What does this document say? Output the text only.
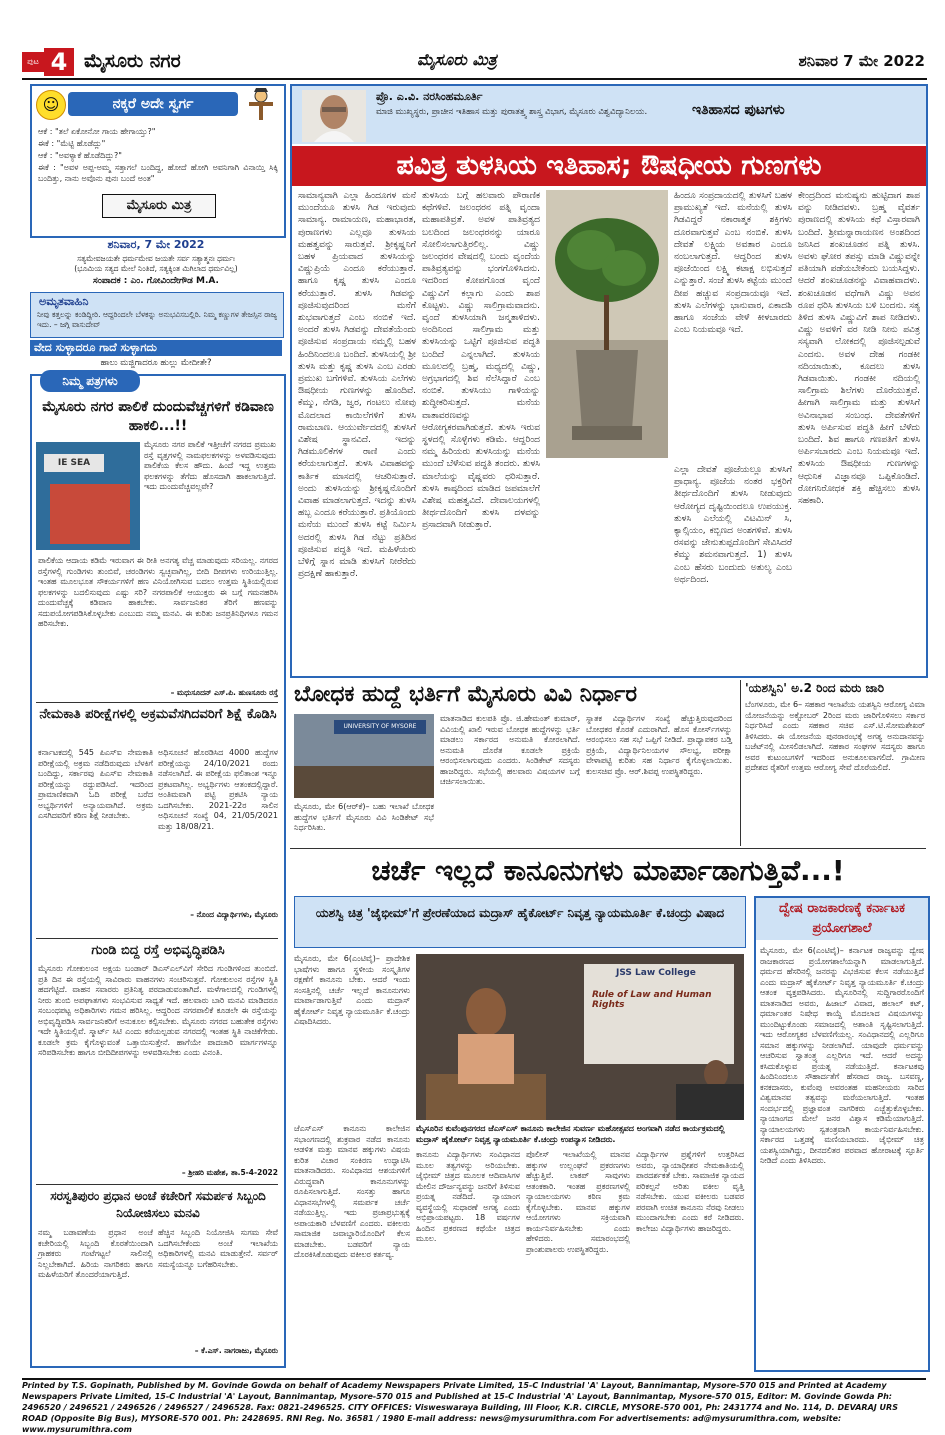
ಪುಟ 4 ಮೈಸೂರು ನಗರ	ಮೈಸೂರು ಮಿತ್ರ	ಶನಿವಾರ 7 ಮೇ 2022
☺	ನಕ್ಕರೆ ಅದೇ ಸ್ವರ್ಗ
ಆಕೆ : "ತಲೆ ಏಕೋನೋ ಗಾಯ ಹೇಗಾಯ್ತು?"
ಈಕೆ : "ಮೆಟ್ಟಿ ಹೊಡೆದ್ಲು"
ಆಕೆ : "ಅವಳ್ಯಾಕೆ ಹೊಡೆದಿದ್ಲು?"
ಈಕೆ : "ಅವಳ ಅಪ್ಪ-ಅಮ್ಮ ಸತ್ತಾಗಲೆ ಬಂದಿದ್ದ, ಹೋದೆ ಹೋಗಿ ಅವನಿಗಾಗಿ ವಿನಾಯ್ತಿ ಸಿಕ್ಕಿ ಬಂದಿತ್ತು, ನಾನು ಅವೊನು ಪುನಃ ಬಂದೆ ಅಂತ"
ಮೈಸೂರು ಮಿತ್ರ
ಶನಿವಾರ, 7 ಮೇ 2022
ಸತ್ಯಮೇವಜಯತೇ ಧರ್ಮಮೇವ ಜಯತೇ ಸರ್ವ ಸತ್ಯಾತ್ಮನಃ ಧರ್ಮಃ
(ಭೂಮಿಯ ಸತ್ಯದ ಮೇಲೆ ನಿಂತಿದೆ, ಸತ್ಯಕ್ಕಿಂತ ಮಿಗಿಲಾದ ಧರ್ಮವಿಲ್ಲ)
ಸಂಪಾದಕ : ಎಂ. ಗೋವಿಂದೇಗೌಡ M.A.
ಅಮೃತವಾಹಿನಿ
ನೀವು ಕತ್ತಲನ್ನು ಕಂಡಿದ್ದೀರಿ. ಆದ್ದರಿಂದಲೇ ಬೆಳಕನ್ನು ಅನುಭವಿಸಬಲ್ಲಿರಿ. ನಿಮ್ಮ ಕಣ್ಣುಗಳ ತೇಜಸ್ಸಿನ ರಾಜ್ಯ ಇದು. – ಜಗ್ಗಿ ವಾಸುದೇವ್
ವೇದ ಸುಳ್ಳಾದರೂ ಗಾದೆ ಸುಳ್ಳಾಗದು
ಹಾಲು ಮಜ್ಜಿಗಾದರೂ ಹುಲ್ಲು ಮೇದೀತೇ?
ನಿಮ್ಮ ಪತ್ರಗಳು
ಮೈಸೂರು ನಗರ ಪಾಲಿಕೆ ದುಂದುವೆಚ್ಚಗಳಿಗೆ ಕಡಿವಾಣ ಹಾಕಲಿ...!!
IE SEA
ಮೈಸೂರು ನಗರ ಪಾಲಿಕೆ ಇತ್ತೀಚೆಗೆ ನಗರದ ಪ್ರಮುಖ ರಸ್ತೆ ವೃತ್ತಗಳಲ್ಲಿ ನಾಮಫಲಕಗಳನ್ನು ಅಳವಡಿಸುವುದು ಪಾಲಿಕೆಯ ಕೆಲಸ ಹೌದು. ಹಿಂದೆ ಇದ್ದ ಉತ್ತಮ ಫಲಕಗಳನ್ನು ತೆಗೆದು ಹೊಸದಾಗಿ ಹಾಕಲಾಗುತ್ತಿದೆ. ಇದು ದುಂದುವೆಚ್ಚವಲ್ಲವೇ?
ಪಾಲಿಕೆಯ ಆದಾಯ ಕಡಿಮೆ ಇರುವಾಗ ಈ ರೀತಿ ಅನಗತ್ಯ ವೆಚ್ಚ ಮಾಡುವುದು ಸರಿಯಲ್ಲ. ನಗರದ ರಸ್ತೆಗಳಲ್ಲಿ ಗುಂಡಿಗಳು ತುಂಬಿವೆ, ಚರಂಡಿಗಳು ಸ್ವಚ್ಛವಾಗಿಲ್ಲ, ಬೀದಿ ದೀಪಗಳು ಉರಿಯುತ್ತಿಲ್ಲ. ಇಂತಹ ಮೂಲಭೂತ ಸೌಕರ್ಯಗಳಿಗೆ ಹಣ ವಿನಿಯೋಗಿಸುವ ಬದಲು ಉತ್ತಮ ಸ್ಥಿತಿಯಲ್ಲಿರುವ ಫಲಕಗಳನ್ನು ಬದಲಿಸುವುದು ಎಷ್ಟು ಸರಿ? ನಗರಪಾಲಿಕೆ ಆಯುಕ್ತರು ಈ ಬಗ್ಗೆ ಗಮನಹರಿಸಿ ದುಂದುವೆಚ್ಚಕ್ಕೆ ಕಡಿವಾಣ ಹಾಕಬೇಕು. ಸಾರ್ವಜನಿಕರ ತೆರಿಗೆ ಹಣವನ್ನು ಸದುಪಯೋಗಪಡಿಸಿಕೊಳ್ಳಬೇಕು ಎಂಬುದು ನಮ್ಮ ಮನವಿ. ಈ ಕುರಿತು ಜನಪ್ರತಿನಿಧಿಗಳೂ ಗಮನ ಹರಿಸಬೇಕು.
– ಮಧುಸೂದನ್ ಎಸ್.ಪಿ. ಹುಣಸೂರು ರಸ್ತೆ
ನೇಮಕಾತಿ ಪರೀಕ್ಷೆಗಳಲ್ಲಿ ಅಕ್ರಮವೆಸಗಿದವರಿಗೆ ಶಿಕ್ಷೆ ಕೊಡಿಸಿ
ಕರ್ನಾಟಕದಲ್ಲಿ 545 ಪಿಎಸ್‌ಐ ನೇಮಕಾತಿ ಪರೀಕ್ಷೆಯಲ್ಲಿ ಅಕ್ರಮ ನಡೆದಿರುವುದು ಬೆಳಕಿಗೆ ಬಂದಿದ್ದು, ಸರ್ಕಾರವು ಪಿಎಸ್‌ಐ ನೇಮಕಾತಿ ಪರೀಕ್ಷೆಯನ್ನು ರದ್ದುಪಡಿಸಿದೆ. ಇದರಿಂದ ಪ್ರಾಮಾಣಿಕವಾಗಿ ಓದಿ ಪರೀಕ್ಷೆ ಬರೆದ ಅಭ್ಯರ್ಥಿಗಳಿಗೆ ಅನ್ಯಾಯವಾಗಿದೆ. ಅಕ್ರಮ ಎಸಗಿದವರಿಗೆ ಕಠಿಣ ಶಿಕ್ಷೆ ನೀಡಬೇಕು.
ಅಧಿಸೂಚನೆ ಹೊರಡಿಸಿದ 4000 ಹುದ್ದೆಗಳ ಪರೀಕ್ಷೆಯನ್ನು 24/10/2021 ರಂದು ನಡೆಸಲಾಗಿದೆ. ಈ ಪರೀಕ್ಷೆಯ ಫಲಿತಾಂಶ ಇನ್ನೂ ಪ್ರಕಟವಾಗಿಲ್ಲ. ಅಭ್ಯರ್ಥಿಗಳು ಆತಂಕದಲ್ಲಿದ್ದಾರೆ. ಅಂತಿಮವಾಗಿ ಪಟ್ಟಿ ಪ್ರಕಟಿಸಿ ನ್ಯಾಯ ಒದಗಿಸಬೇಕು. 2021-22ರ ಸಾಲಿನ ಅಧಿಸೂಚನೆ ಸಂಖ್ಯೆ 04, 21/05/2021 ಮತ್ತು 18/08/21.
– ನೊಂದ ವಿದ್ಯಾರ್ಥಿಗಳು, ಮೈಸೂರು
ಗುಂಡಿ ಬಿದ್ದ ರಸ್ತೆ ಅಭಿವೃದ್ಧಿಪಡಿಸಿ
ಮೈಸೂರು ಗೋಕುಲಂನ ಅಕ್ಷಯ ಬಂಡಾರ್ ಡಿಎಸ್‌ಎಲ್‌ವಿಗೆ ಸೇರಿದ ಗುಂಡಿಗಳಿಂದ ತುಂಬಿದೆ. ಪ್ರತಿ ದಿನ ಈ ರಸ್ತೆಯಲ್ಲಿ ಸಾವಿರಾರು ವಾಹನಗಳು ಸಂಚರಿಸುತ್ತವೆ. ಗೋಕುಲಂನ ರಸ್ತೆಗಳ ಸ್ಥಿತಿ ಹದಗೆಟ್ಟಿದೆ. ವಾಹನ ಸವಾರರು ಪ್ರತಿನಿತ್ಯ ಪರದಾಡುವಂತಾಗಿದೆ. ಮಳೆಗಾಲದಲ್ಲಿ ಗುಂಡಿಗಳಲ್ಲಿ ನೀರು ತುಂಬಿ ಅಪಘಾತಗಳು ಸಂಭವಿಸುವ ಸಾಧ್ಯತೆ ಇದೆ. ಹಲವಾರು ಬಾರಿ ಮನವಿ ಮಾಡಿದರೂ ಸಂಬಂಧಪಟ್ಟ ಅಧಿಕಾರಿಗಳು ಗಮನ ಹರಿಸಿಲ್ಲ. ಆದ್ದರಿಂದ ನಗರಪಾಲಿಕೆ ಕೂಡಲೇ ಈ ರಸ್ತೆಯನ್ನು ಅಭಿವೃದ್ಧಿಪಡಿಸಿ ಸಾರ್ವಜನಿಕರಿಗೆ ಅನುಕೂಲ ಕಲ್ಪಿಸಬೇಕು. ಮೈಸೂರು ನಗರದ ಬಹುತೇಕ ರಸ್ತೆಗಳು ಇದೇ ಸ್ಥಿತಿಯಲ್ಲಿವೆ. ಸ್ಮಾರ್ಟ್ ಸಿಟಿ ಎಂದು ಕರೆಯಲ್ಪಡುವ ನಗರದಲ್ಲಿ ಇಂತಹ ಸ್ಥಿತಿ ನಾಚಿಕೆಗೇಡು. ಕೂಡಲೇ ಕ್ರಮ ಕೈಗೊಳ್ಳುವಂತೆ ಒತ್ತಾಯಿಸುತ್ತೇನೆ. ಹಾಗೆಯೇ ಪಾದಚಾರಿ ಮಾರ್ಗಗಳನ್ನೂ ಸರಿಪಡಿಸಬೇಕು ಹಾಗೂ ಬೀದಿದೀಪಗಳನ್ನು ಅಳವಡಿಸಬೇಕು ಎಂದು ವಿನಂತಿ.
– ಶ್ರೀಹರಿ ಮಹೇಶ, ತಾ.5-4-2022
ಸರಸ್ವತಿಪುರಂ ಪ್ರಧಾನ ಅಂಚೆ ಕಚೇರಿಗೆ ಸಮರ್ಪಕ ಸಿಬ್ಬಂದಿ ನಿಯೋಜಿಸಲು ಮನವಿ
ನಮ್ಮ ಬಡಾವಣೆಯ ಪ್ರಧಾನ ಅಂಚೆ ಕಚೇರಿಯಲ್ಲಿ ಸಿಬ್ಬಂದಿ ಕೊರತೆಯಿಂದಾಗಿ ಗ್ರಾಹಕರು ಗಂಟೆಗಟ್ಟಲೆ ಸಾಲಿನಲ್ಲಿ ನಿಲ್ಲಬೇಕಾಗಿದೆ. ಹಿರಿಯ ನಾಗರಿಕರು ಹಾಗೂ ಮಹಿಳೆಯರಿಗೆ ತೊಂದರೆಯಾಗುತ್ತಿದೆ.
ಹೆಚ್ಚಿನ ಸಿಬ್ಬಂದಿ ನಿಯೋಜಿಸಿ ಸುಗಮ ಸೇವೆ ಒದಗಿಸಬೇಕೆಂದು ಅಂಚೆ ಇಲಾಖೆಯ ಅಧಿಕಾರಿಗಳಲ್ಲಿ ಮನವಿ ಮಾಡುತ್ತೇನೆ. ಸರ್ವರ್ ಸಮಸ್ಯೆಯನ್ನೂ ಬಗೆಹರಿಸಬೇಕು.
– ಕೆ.ಎಸ್. ನಾಗರಾಜು, ಮೈಸೂರು
ಪ್ರೊ. ಎ.ವಿ. ನರಸಿಂಹಮೂರ್ತಿ
ಮಾಜಿ ಮುಖ್ಯಸ್ಥರು, ಪ್ರಾಚೀನ ಇತಿಹಾಸ ಮತ್ತು ಪುರಾತತ್ತ್ವ ಶಾಸ್ತ್ರ ವಿಭಾಗ, ಮೈಸೂರು ವಿಶ್ವವಿದ್ಯಾನಿಲಯ.	ಇತಿಹಾಸದ ಪುಟಗಳು
ಪವಿತ್ರ ತುಳಸಿಯ ಇತಿಹಾಸ; ಔಷಧೀಯ ಗುಣಗಳು
ಸಾಮಾನ್ಯವಾಗಿ ಎಲ್ಲಾ ಹಿಂದೂಗಳ ಮನೆ ಮುಂದೆಯೂ ತುಳಸಿ ಗಿಡ ಇರುವುದು ಸಾಮಾನ್ಯ. ರಾಮಾಯಣ, ಮಹಾಭಾರತ, ಪುರಾಣಗಳು ಎಲ್ಲವೂ ತುಳಸಿಯ ಮಹತ್ವವನ್ನು ಸಾರುತ್ತವೆ. ಶ್ರೀಕೃಷ್ಣನಿಗೆ ಬಹಳ ಪ್ರಿಯವಾದ ತುಳಸಿಯನ್ನು ವಿಷ್ಣುಪ್ರಿಯೆ ಎಂದೂ ಕರೆಯುತ್ತಾರೆ. ಹಾಗೂ ಕೃಷ್ಣ ತುಳಸಿ ಎಂದೂ ಕರೆಯುತ್ತಾರೆ. ತುಳಸಿ ಗಿಡವನ್ನು ಪೂಜಿಸುವುದರಿಂದ ಮನೆಗೆ ಶುಭವಾಗುತ್ತದೆ ಎಂಬ ನಂಬಿಕೆ ಇದೆ. ಅಂದರೆ ತುಳಸಿ ಗಿಡವನ್ನು ದೇವತೆಯೆಂದು ಪೂಜಿಸುವ ಸಂಪ್ರದಾಯ ನಮ್ಮಲ್ಲಿ ಬಹಳ ಹಿಂದಿನಿಂದಲೂ ಬಂದಿದೆ. ತುಳಸಿಯಲ್ಲಿ ಶ್ರೀ ತುಳಸಿ ಮತ್ತು ಕೃಷ್ಣ ತುಳಸಿ ಎಂಬ ಎರಡು ಪ್ರಮುಖ ಬಗೆಗಳಿವೆ. ತುಳಸಿಯ ಎಲೆಗಳು ಔಷಧೀಯ ಗುಣಗಳನ್ನು ಹೊಂದಿವೆ. ಕೆಮ್ಮು, ನೆಗಡಿ, ಜ್ವರ, ಗಂಟಲು ನೋವು ಮೊದಲಾದ ಕಾಯಿಲೆಗಳಿಗೆ ತುಳಸಿ ರಾಮಬಾಣ. ಆಯುರ್ವೇದದಲ್ಲಿ ತುಳಸಿಗೆ ವಿಶೇಷ ಸ್ಥಾನವಿದೆ. ಇದನ್ನು ಗಿಡಮೂಲಿಕೆಗಳ ರಾಣಿ ಎಂದು ಕರೆಯಲಾಗುತ್ತದೆ. ತುಳಸಿ ವಿವಾಹವನ್ನು ಕಾರ್ತಿಕ ಮಾಸದಲ್ಲಿ ಆಚರಿಸುತ್ತಾರೆ. ಅಂದು ತುಳಸಿಯನ್ನು ಶ್ರೀಕೃಷ್ಣನೊಂದಿಗೆ ವಿವಾಹ ಮಾಡಲಾಗುತ್ತದೆ. ಇದನ್ನು ತುಳಸಿ ಹಬ್ಬ ಎಂದೂ ಕರೆಯುತ್ತಾರೆ. ಪ್ರತಿಯೊಂದು ಮನೆಯ ಮುಂದೆ ತುಳಸಿ ಕಟ್ಟೆ ನಿರ್ಮಿಸಿ ಅದರಲ್ಲಿ ತುಳಸಿ ಗಿಡ ನೆಟ್ಟು ಪ್ರತಿದಿನ ಪೂಜಿಸುವ ಪದ್ಧತಿ ಇದೆ. ಮಹಿಳೆಯರು ಬೆಳಿಗ್ಗೆ ಸ್ನಾನ ಮಾಡಿ ತುಳಸಿಗೆ ನೀರೆರೆದು ಪ್ರದಕ್ಷಿಣೆ ಹಾಕುತ್ತಾರೆ.
ತುಳಸಿಯ ಬಗ್ಗೆ ಹಲವಾರು ಪೌರಾಣಿಕ ಕಥೆಗಳಿವೆ. ಜಲಂಧರನ ಪತ್ನಿ ವೃಂದಾ ಮಹಾಪತಿವ್ರತೆ. ಅವಳ ಪಾತಿವ್ರತ್ಯದ ಬಲದಿಂದ ಜಲಂಧರನನ್ನು ಯಾರೂ ಸೋಲಿಸಲಾಗುತ್ತಿರಲಿಲ್ಲ. ವಿಷ್ಣು ಜಲಂಧರನ ವೇಷದಲ್ಲಿ ಬಂದು ವೃಂದೆಯ ಪಾತಿವ್ರತ್ಯವನ್ನು ಭಂಗಗೊಳಿಸಿದನು. ಇದರಿಂದ ಕೋಪಗೊಂಡ ವೃಂದೆ ವಿಷ್ಣುವಿಗೆ ಕಲ್ಲಾಗು ಎಂದು ಶಾಪ ಕೊಟ್ಟಳು. ವಿಷ್ಣು ಸಾಲಿಗ್ರಾಮವಾದನು. ವೃಂದೆ ತುಳಸಿಯಾಗಿ ಜನ್ಮತಾಳಿದಳು. ಅಂದಿನಿಂದ ಸಾಲಿಗ್ರಾಮ ಮತ್ತು ತುಳಸಿಯನ್ನು ಒಟ್ಟಿಗೆ ಪೂಜಿಸುವ ಪದ್ಧತಿ ಬಂದಿದೆ ಎನ್ನಲಾಗಿದೆ. ತುಳಸಿಯ ಮೂಲದಲ್ಲಿ ಬ್ರಹ್ಮ, ಮಧ್ಯದಲ್ಲಿ ವಿಷ್ಣು, ಅಗ್ರಭಾಗದಲ್ಲಿ ಶಿವ ನೆಲೆಸಿದ್ದಾರೆ ಎಂಬ ನಂಬಿಕೆ. ತುಳಸಿಯು ಗಾಳಿಯನ್ನು ಶುದ್ಧೀಕರಿಸುತ್ತದೆ. ಮನೆಯ ವಾತಾವರಣವನ್ನು ಆರೋಗ್ಯಕರವಾಗಿಡುತ್ತದೆ. ತುಳಸಿ ಇರುವ ಸ್ಥಳದಲ್ಲಿ ಸೊಳ್ಳೆಗಳು ಕಡಿಮೆ. ಆದ್ದರಿಂದ ನಮ್ಮ ಹಿರಿಯರು ತುಳಸಿಯನ್ನು ಮನೆಯ ಮುಂದೆ ಬೆಳೆಸುವ ಪದ್ಧತಿ ತಂದರು. ತುಳಸಿ ಮಾಲೆಯನ್ನು ವೈಷ್ಣವರು ಧರಿಸುತ್ತಾರೆ. ತುಳಸಿ ಕಾಷ್ಠದಿಂದ ಮಾಡಿದ ಜಪಮಾಲೆಗೆ ವಿಶೇಷ ಮಹತ್ವವಿದೆ. ದೇವಾಲಯಗಳಲ್ಲಿ ತೀರ್ಥದೊಂದಿಗೆ ತುಳಸಿ ದಳವನ್ನು ಪ್ರಸಾದವಾಗಿ ನೀಡುತ್ತಾರೆ.
ಹಿಂದೂ ಸಂಪ್ರದಾಯದಲ್ಲಿ ತುಳಸಿಗೆ ಬಹಳ ಪ್ರಾಮುಖ್ಯತೆ ಇದೆ. ಮನೆಯಲ್ಲಿ ತುಳಸಿ ಗಿಡವಿದ್ದರೆ ನಕಾರಾತ್ಮಕ ಶಕ್ತಿಗಳು ದೂರವಾಗುತ್ತವೆ ಎಂಬ ನಂಬಿಕೆ. ತುಳಸಿ ದೇವತೆ ಲಕ್ಷ್ಮಿಯ ಅವತಾರ ಎಂದೂ ನಂಬಲಾಗುತ್ತದೆ. ಆದ್ದರಿಂದ ತುಳಸಿ ಪೂಜೆಯಿಂದ ಲಕ್ಷ್ಮಿ ಕಟಾಕ್ಷ ಲಭಿಸುತ್ತದೆ ಎನ್ನುತ್ತಾರೆ. ಸಂಜೆ ತುಳಸಿ ಕಟ್ಟೆಯ ಮುಂದೆ ದೀಪ ಹಚ್ಚುವ ಸಂಪ್ರದಾಯವೂ ಇದೆ. ತುಳಸಿ ಎಲೆಗಳನ್ನು ಭಾನುವಾರ, ಏಕಾದಶಿ ಹಾಗೂ ಸಂಜೆಯ ವೇಳೆ ಕೀಳಬಾರದು ಎಂಬ ನಿಯಮವೂ ಇದೆ.
ಕೇಂದ್ರದಿಂದ ಮನುಷ್ಯನು ಹುಟ್ಟಿದಾಗ ಶಾಪ ವನ್ನು ನೀಡಿದವಳು. ಬ್ರಹ್ಮ ವೈವರ್ತ ಪುರಾಣದಲ್ಲಿ ತುಳಸಿಯ ಕಥೆ ವಿಸ್ತಾರವಾಗಿ ಬಂದಿದೆ. ಶ್ರೀಮನ್ನಾರಾಯಣನ ಅಂಶದಿಂದ ಜನಿಸಿದ ಶಂಖಚೂಡನ ಪತ್ನಿ ತುಳಸಿ. ಅವಳು ಘೋರ ತಪಸ್ಸು ಮಾಡಿ ವಿಷ್ಣುವನ್ನೇ ಪತಿಯಾಗಿ ಪಡೆಯಬೇಕೆಂದು ಬಯಸಿದ್ದಳು. ಆದರೆ ಶಂಖಚೂಡನನ್ನು ವಿವಾಹವಾದಳು. ಶಂಖಚೂಡನ ವಧೆಗಾಗಿ ವಿಷ್ಣು ಅವನ ರೂಪ ಧರಿಸಿ ತುಳಸಿಯ ಬಳಿ ಬಂದನು. ಸತ್ಯ ತಿಳಿದ ತುಳಸಿ ವಿಷ್ಣುವಿಗೆ ಶಾಪ ನೀಡಿದಳು. ವಿಷ್ಣು ಅವಳಿಗೆ ವರ ನೀಡಿ ನೀನು ಪವಿತ್ರ ಸಸ್ಯವಾಗಿ ಲೋಕದಲ್ಲಿ ಪೂಜಿಸಲ್ಪಡುವೆ ಎಂದನು. ಅವಳ ದೇಹ ಗಂಡಕೀ ನದಿಯಾಯಿತು, ಕೂದಲು ತುಳಸಿ ಗಿಡವಾಯಿತು. ಗಂಡಕೀ ನದಿಯಲ್ಲಿ ಸಾಲಿಗ್ರಾಮ ಶಿಲೆಗಳು ದೊರೆಯುತ್ತವೆ. ಹೀಗಾಗಿ ಸಾಲಿಗ್ರಾಮ ಮತ್ತು ತುಳಸಿಗೆ ಅವಿನಾಭಾವ ಸಂಬಂಧ. ದೇವತೆಗಳಿಗೆ ತುಳಸಿ ಅರ್ಪಿಸುವ ಪದ್ಧತಿ ಹೀಗೆ ಬೆಳೆದು ಬಂದಿದೆ. ಶಿವ ಹಾಗೂ ಗಣಪತಿಗೆ ತುಳಸಿ ಅರ್ಪಿಸಬಾರದು ಎಂಬ ನಿಯಮವೂ ಇದೆ. ತುಳಸಿಯ ಔಷಧೀಯ ಗುಣಗಳನ್ನು ಆಧುನಿಕ ವಿಜ್ಞಾನವೂ ಒಪ್ಪಿಕೊಂಡಿದೆ. ರೋಗನಿರೋಧಕ ಶಕ್ತಿ ಹೆಚ್ಚಿಸಲು ತುಳಸಿ ಸಹಕಾರಿ.
ಎಲ್ಲಾ ದೇವತೆ ಪೂಜೆಯಲ್ಲೂ ತುಳಸಿಗೆ ಪ್ರಾಧಾನ್ಯ. ಪೂಜೆಯ ನಂತರ ಭಕ್ತರಿಗೆ ತೀರ್ಥದೊಂದಿಗೆ ತುಳಸಿ ನೀಡುವುದು ಆರೋಗ್ಯದ ದೃಷ್ಟಿಯಿಂದಲೂ ಉಪಯುಕ್ತ. ತುಳಸಿ ಎಲೆಯಲ್ಲಿ ವಿಟಮಿನ್ ಸಿ, ಕ್ಯಾಲ್ಸಿಯಂ, ಕಬ್ಬಿಣದ ಅಂಶಗಳಿವೆ. ತುಳಸಿ ರಸವನ್ನು ಜೇನುತುಪ್ಪದೊಂದಿಗೆ ಸೇವಿಸಿದರೆ ಕೆಮ್ಮು ಶಮನವಾಗುತ್ತದೆ. 1) ತುಳಸಿ ಎಂಬ ಹೆಸರು ಬಂದುದು ಅತುಲ್ಯ ಎಂಬ ಅರ್ಥದಿಂದ.
ಬೋಧಕ ಹುದ್ದೆ ಭರ್ತಿಗೆ ಮೈಸೂರು ವಿವಿ ನಿರ್ಧಾರ
UNIVERSITY OF MYSORE
ಮೈಸೂರು, ಮೇ 6(ಆರ್‌ಕೆ)– ಬಹು ಇಲಾಖೆ ಬೋಧಕ ಹುದ್ದೆಗಳ ಭರ್ತಿಗೆ ಮೈಸೂರು ವಿವಿ ಸಿಂಡಿಕೇಟ್ ಸಭೆ ನಿರ್ಧರಿಸಿತು.
ಮಾತನಾಡಿದ ಕುಲಪತಿ ಪ್ರೊ. ಜಿ.ಹೇಮಂತ್ ಕುಮಾರ್, ವಿವಿಯಲ್ಲಿ ಖಾಲಿ ಇರುವ ಬೋಧಕ ಹುದ್ದೆಗಳನ್ನು ಭರ್ತಿ ಮಾಡಲು ಸರ್ಕಾರದ ಅನುಮತಿ ಕೋರಲಾಗಿದೆ. ಅನುಮತಿ ದೊರೆತ ಕೂಡಲೇ ಪ್ರಕ್ರಿಯೆ ಆರಂಭಿಸಲಾಗುವುದು ಎಂದರು. ಸಿಂಡಿಕೇಟ್ ಸದಸ್ಯರು ಹಾಜರಿದ್ದರು. ಸಭೆಯಲ್ಲಿ ಹಲವಾರು ವಿಷಯಗಳ ಬಗ್ಗೆ ಚರ್ಚಿಸಲಾಯಿತು.
ಸ್ನಾತಕ ವಿದ್ಯಾರ್ಥಿಗಳ ಸಂಖ್ಯೆ ಹೆಚ್ಚುತ್ತಿರುವುದರಿಂದ ಬೋಧಕರ ಕೊರತೆ ಎದುರಾಗಿದೆ. ಹೊಸ ಕೋರ್ಸ್‌ಗಳನ್ನು ಆರಂಭಿಸಲು ಸಹ ಸಭೆ ಒಪ್ಪಿಗೆ ನೀಡಿದೆ. ಪ್ರಾಧ್ಯಾಪಕರ ಬಡ್ತಿ ಪ್ರಕ್ರಿಯೆ, ವಿದ್ಯಾರ್ಥಿನಿಲಯಗಳ ಸೌಲಭ್ಯ, ಪರೀಕ್ಷಾ ವೇಳಾಪಟ್ಟಿ ಕುರಿತು ಸಹ ನಿರ್ಧಾರ ಕೈಗೊಳ್ಳಲಾಯಿತು. ಕುಲಸಚಿವ ಪ್ರೊ. ಆರ್.ಶಿವಪ್ಪ ಉಪಸ್ಥಿತರಿದ್ದರು.
'ಯಶಸ್ವಿನಿ' ಅ.2 ರಿಂದ ಮರು ಜಾರಿ
ಬೆಂಗಳೂರು, ಮೇ 6– ಸಹಕಾರ ಇಲಾಖೆಯ ಯಶಸ್ವಿನಿ ಆರೋಗ್ಯ ವಿಮಾ ಯೋಜನೆಯನ್ನು ಅಕ್ಟೋಬರ್ 2ರಿಂದ ಮರು ಜಾರಿಗೊಳಿಸಲು ಸರ್ಕಾರ ನಿರ್ಧರಿಸಿದೆ ಎಂದು ಸಹಕಾರ ಸಚಿವ ಎಸ್.ಟಿ.ಸೋಮಶೇಖರ್ ತಿಳಿಸಿದರು. ಈ ಯೋಜನೆಯ ಪುನರಾರಂಭಕ್ಕೆ ಅಗತ್ಯ ಅನುದಾನವನ್ನು ಬಜೆಟ್‌ನಲ್ಲಿ ಮೀಸಲಿಡಲಾಗಿದೆ. ಸಹಕಾರ ಸಂಘಗಳ ಸದಸ್ಯರು ಹಾಗೂ ಅವರ ಕುಟುಂಬಗಳಿಗೆ ಇದರಿಂದ ಅನುಕೂಲವಾಗಲಿದೆ. ಗ್ರಾಮೀಣ ಪ್ರದೇಶದ ರೈತರಿಗೆ ಉತ್ತಮ ಆರೋಗ್ಯ ಸೇವೆ ದೊರೆಯಲಿದೆ.
ಚರ್ಚೆ ಇಲ್ಲದೆ ಕಾನೂನುಗಳು ಮಾರ್ಪಾಡಾಗುತ್ತಿವೆ...!
ಯಶಸ್ವಿ ಚಿತ್ರ 'ಜೈಭೀಮ್'ಗೆ ಪ್ರೇರಣೆಯಾದ ಮದ್ರಾಸ್ ಹೈಕೋರ್ಟ್ ನಿವೃತ್ತ ನ್ಯಾಯಮೂರ್ತಿ ಕೆ.ಚಂದ್ರು ವಿಷಾದ
ಮೈಸೂರು, ಮೇ 6(ಎಂಟಿವೈ)– ಪ್ರಾದೇಶಿಕ ಭಾಷೆಗಳು ಹಾಗೂ ಸ್ಥಳೀಯ ಸಂಸ್ಕೃತಿಗಳ ರಕ್ಷಣೆಗೆ ಕಾನೂನು ಬೇಕು. ಆದರೆ ಇಂದು ಸಂಸತ್ತಿನಲ್ಲಿ ಚರ್ಚೆ ಇಲ್ಲದೆ ಕಾನೂನುಗಳು ಮಾರ್ಪಾಡಾಗುತ್ತಿವೆ ಎಂದು ಮದ್ರಾಸ್ ಹೈಕೋರ್ಟ್ ನಿವೃತ್ತ ನ್ಯಾಯಮೂರ್ತಿ ಕೆ.ಚಂದ್ರು ವಿಷಾದಿಸಿದರು.
JSS Law College
Rule of Law and Human Rights
ಮೈಸೂರಿನ ಕುವೆಂಪುನಗರದ ಜೆಎಸ್‌ಎಸ್ ಕಾನೂನು ಕಾಲೇಜಿನ ಸುವರ್ಣ ಮಹೋತ್ಸವದ ಅಂಗವಾಗಿ ನಡೆದ ಕಾರ್ಯಕ್ರಮದಲ್ಲಿ ಮದ್ರಾಸ್ ಹೈಕೋರ್ಟ್ ನಿವೃತ್ತ ನ್ಯಾಯಮೂರ್ತಿ ಕೆ.ಚಂದ್ರು ಉಪನ್ಯಾಸ ನೀಡಿದರು.
ಜೆಎಸ್‌ಎಸ್ ಕಾನೂನು ಕಾಲೇಜಿನ ಸಭಾಂಗಣದಲ್ಲಿ ಶುಕ್ರವಾರ ನಡೆದ ಕಾನೂನು ಆಡಳಿತ ಮತ್ತು ಮಾನವ ಹಕ್ಕುಗಳು ವಿಷಯ ಕುರಿತ ವಿಚಾರ ಸಂಕಿರಣ ಉದ್ಘಾಟಿಸಿ ಮಾತನಾಡಿದರು. ಸಂವಿಧಾನದ ಆಶಯಗಳಿಗೆ ವಿರುದ್ಧವಾಗಿ ಕಾನೂನುಗಳನ್ನು ರೂಪಿಸಲಾಗುತ್ತಿದೆ. ಸಂಸತ್ತು ಹಾಗೂ ವಿಧಾನಸಭೆಗಳಲ್ಲಿ ಸಮರ್ಪಕ ಚರ್ಚೆ ನಡೆಯುತ್ತಿಲ್ಲ. ಇದು ಪ್ರಜಾಪ್ರಭುತ್ವಕ್ಕೆ ಅಪಾಯಕಾರಿ ಬೆಳವಣಿಗೆ ಎಂದರು. ವಕೀಲರು ಸಾಮಾಜಿಕ ಜವಾಬ್ದಾರಿಯೊಂದಿಗೆ ಕೆಲಸ ಮಾಡಬೇಕು. ಬಡವರಿಗೆ ನ್ಯಾಯ ದೊರಕಿಸಿಕೊಡುವುದು ವಕೀಲರ ಕರ್ತವ್ಯ.
ಕಾನೂನು ವಿದ್ಯಾರ್ಥಿಗಳು ಸಂವಿಧಾನದ ಮೂಲ ತತ್ವಗಳನ್ನು ಅರಿಯಬೇಕು. ಜೈಭೀಮ್ ಚಿತ್ರದ ಮೂಲಕ ಆದಿವಾಸಿಗಳ ಮೇಲಿನ ದೌರ್ಜನ್ಯವನ್ನು ಜನರಿಗೆ ತಿಳಿಸುವ ಪ್ರಯತ್ನ ನಡೆದಿದೆ. ನ್ಯಾಯಾಂಗ ವ್ಯವಸ್ಥೆಯಲ್ಲಿ ಸುಧಾರಣೆ ಅಗತ್ಯ ಎಂದು ಅಭಿಪ್ರಾಯಪಟ್ಟರು. 18 ವರ್ಷಗಳ ಹಿಂದಿನ ಪ್ರಕರಣದ ಕಥೆಯೇ ಚಿತ್ರದ ಮೂಲ.
ಪೊಲೀಸ್ ಇಲಾಖೆಯಲ್ಲಿ ಮಾನವ ಹಕ್ಕುಗಳ ಉಲ್ಲಂಘನೆ ಪ್ರಕರಣಗಳು ಹೆಚ್ಚುತ್ತಿವೆ. ಲಾಕಪ್ ಸಾವುಗಳು ಆತಂಕಕಾರಿ. ಇಂತಹ ಪ್ರಕರಣಗಳಲ್ಲಿ ನ್ಯಾಯಾಲಯಗಳು ಕಠಿಣ ಕ್ರಮ ಕೈಗೊಳ್ಳಬೇಕು. ಮಾನವ ಹಕ್ಕುಗಳ ಆಯೋಗಗಳು ಸಕ್ರಿಯವಾಗಿ ಕಾರ್ಯನಿರ್ವಹಿಸಬೇಕು ಎಂದು ಹೇಳಿದರು. ಸಮಾರಂಭದಲ್ಲಿ ಪ್ರಾಂಶುಪಾಲರು ಉಪಸ್ಥಿತರಿದ್ದರು.
ವಿದ್ಯಾರ್ಥಿಗಳ ಪ್ರಶ್ನೆಗಳಿಗೆ ಉತ್ತರಿಸಿದ ಅವರು, ನ್ಯಾಯಾಧೀಶರ ನೇಮಕಾತಿಯಲ್ಲಿ ಪಾರದರ್ಶಕತೆ ಬೇಕು. ಸಾಮಾಜಿಕ ನ್ಯಾಯದ ಪರಿಕಲ್ಪನೆ ಅರಿತು ವಕೀಲ ವೃತ್ತಿ ನಡೆಸಬೇಕು. ಯುವ ವಕೀಲರು ಬಡವರ ಪರವಾಗಿ ಉಚಿತ ಕಾನೂನು ನೆರವು ನೀಡಲು ಮುಂದಾಗಬೇಕು ಎಂದು ಕರೆ ನೀಡಿದರು. ಕಾಲೇಜು ವಿದ್ಯಾರ್ಥಿಗಳು ಹಾಜರಿದ್ದರು.
ದ್ವೇಷ ರಾಜಕಾರಣಕ್ಕೆ ಕರ್ನಾಟಕ ಪ್ರಯೋಗಶಾಲೆ
ಮೈಸೂರು, ಮೇ 6(ಎಂಟಿವೈ)– ಕರ್ನಾಟಕ ರಾಜ್ಯವನ್ನು ದ್ವೇಷ ರಾಜಕಾರಣದ ಪ್ರಯೋಗಶಾಲೆಯನ್ನಾಗಿ ಮಾಡಲಾಗುತ್ತಿದೆ. ಧರ್ಮದ ಹೆಸರಿನಲ್ಲಿ ಜನರನ್ನು ವಿಭಜಿಸುವ ಕೆಲಸ ನಡೆಯುತ್ತಿದೆ ಎಂದು ಮದ್ರಾಸ್ ಹೈಕೋರ್ಟ್ ನಿವೃತ್ತ ನ್ಯಾಯಮೂರ್ತಿ ಕೆ.ಚಂದ್ರು ಆತಂಕ ವ್ಯಕ್ತಪಡಿಸಿದರು. ಮೈಸೂರಿನಲ್ಲಿ ಸುದ್ದಿಗಾರರೊಂದಿಗೆ ಮಾತನಾಡಿದ ಅವರು, ಹಿಜಾಬ್ ವಿವಾದ, ಹಲಾಲ್ ಕಟ್, ಧರ್ಮಾಂತರ ನಿಷೇಧ ಕಾಯ್ದೆ ಮೊದಲಾದ ವಿಷಯಗಳನ್ನು ಮುಂದಿಟ್ಟುಕೊಂಡು ಸಮಾಜದಲ್ಲಿ ಅಶಾಂತಿ ಸೃಷ್ಟಿಸಲಾಗುತ್ತಿದೆ. ಇದು ಆರೋಗ್ಯಕರ ಬೆಳವಣಿಗೆಯಲ್ಲ. ಸಂವಿಧಾನದಲ್ಲಿ ಎಲ್ಲರಿಗೂ ಸಮಾನ ಹಕ್ಕುಗಳನ್ನು ನೀಡಲಾಗಿದೆ. ಯಾವುದೇ ಧರ್ಮವನ್ನು ಆಚರಿಸುವ ಸ್ವಾತಂತ್ರ್ಯ ಎಲ್ಲರಿಗೂ ಇದೆ. ಆದರೆ ಅದನ್ನು ಕಸಿದುಕೊಳ್ಳುವ ಪ್ರಯತ್ನ ನಡೆಯುತ್ತಿದೆ. ಕರ್ನಾಟಕವು ಹಿಂದಿನಿಂದಲೂ ಸೌಹಾರ್ದತೆಗೆ ಹೆಸರಾದ ರಾಜ್ಯ. ಬಸವಣ್ಣ, ಕನಕದಾಸರು, ಕುವೆಂಪು ಅವರಂತಹ ಮಹನೀಯರು ಸಾರಿದ ವಿಶ್ವಮಾನವ ತತ್ವವನ್ನು ಮರೆಯಲಾಗುತ್ತಿದೆ. ಇಂತಹ ಸಂದರ್ಭದಲ್ಲಿ ಪ್ರಜ್ಞಾವಂತ ನಾಗರಿಕರು ಎಚ್ಚೆತ್ತುಕೊಳ್ಳಬೇಕು. ನ್ಯಾಯಾಂಗದ ಮೇಲೆ ಜನರ ವಿಶ್ವಾಸ ಕಡಿಮೆಯಾಗುತ್ತಿದೆ. ನ್ಯಾಯಾಲಯಗಳು ಸ್ವತಂತ್ರವಾಗಿ ಕಾರ್ಯನಿರ್ವಹಿಸಬೇಕು. ಸರ್ಕಾರದ ಒತ್ತಡಕ್ಕೆ ಮಣಿಯಬಾರದು. ಜೈಭೀಮ್ ಚಿತ್ರ ಯಶಸ್ವಿಯಾಗಿದ್ದು, ದೀನದಲಿತರ ಪರವಾದ ಹೋರಾಟಕ್ಕೆ ಸ್ಫೂರ್ತಿ ನೀಡಿದೆ ಎಂದು ತಿಳಿಸಿದರು.
Printed by T.S. Gopinath, Published by M. Govinde Gowda on behalf of Academy Newspapers Private Limited, 15-C Industrial 'A' Layout, Bannimantap, Mysore-570 015 and Printed at Academy Newspapers Private Limited, 15-C Industrial 'A' Layout, Bannimantap, Mysore-570 015 and Published at 15-C Industrial 'A' Layout, Bannimantap, Mysore-570 015, Editor: M. Govinde Gowda Ph: 2496520 / 2496521 / 2496526 / 2496527 / 2496528. Fax: 0821-2496525. CITY OFFICES: Visweswaraya Building, III Floor, K.R. CIRCLE, MYSORE-570 001, Ph: 2431774 and No. 114, D. DEVARAJ URS ROAD (Opposite Big Bus), MYSORE-570 001. Ph: 2428695. RNI Reg. No. 36581 / 1980 E-mail address: news@mysurumithra.com For advertisements: ad@mysurumithra.com, website: www.mysurumithra.com
